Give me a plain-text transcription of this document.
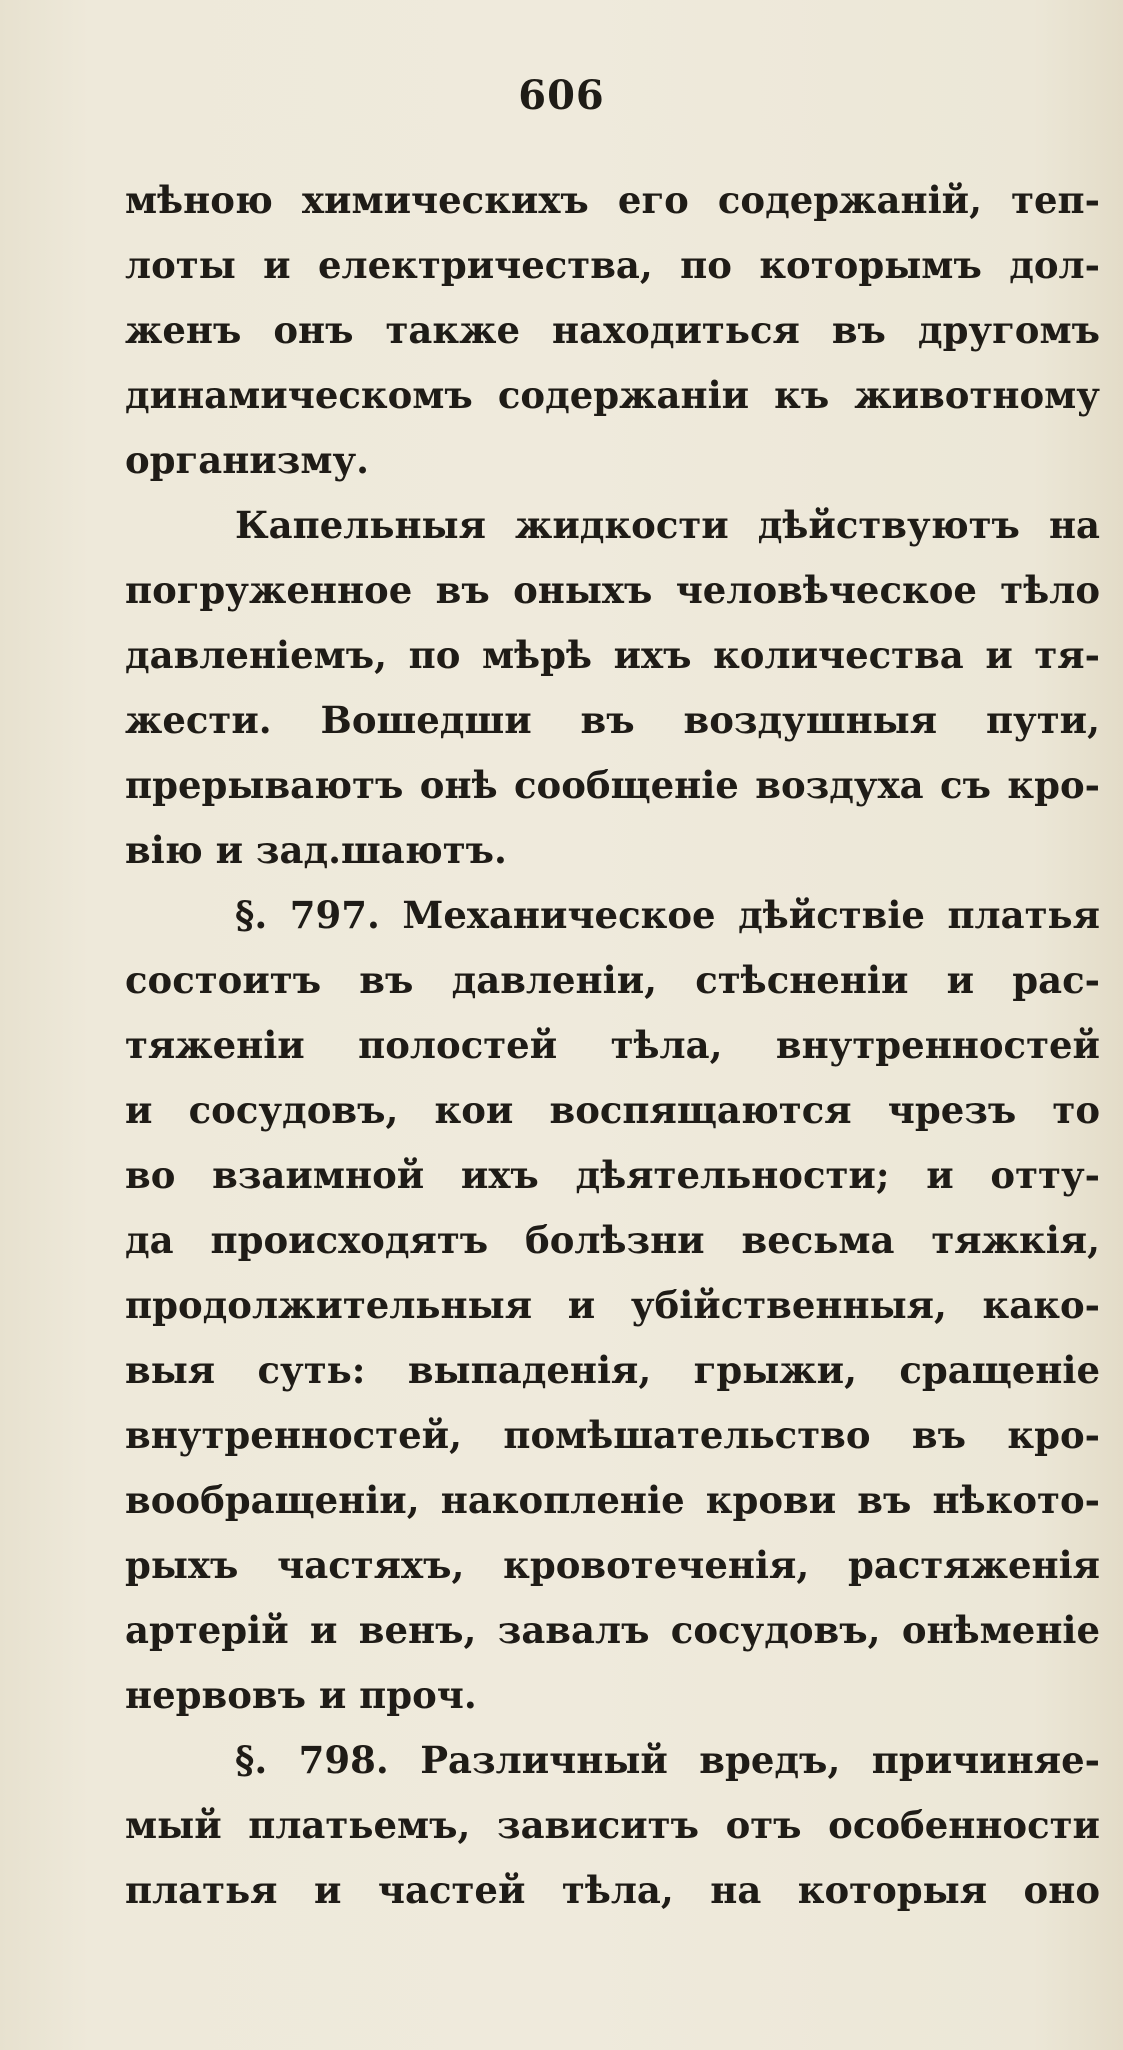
606
мѣною химическихъ его содержаній, теп-
лоты и електричества, по которымъ дол-
женъ онъ также находиться въ другомъ
динамическомъ содержаніи къ животному
организму.
Капельныя жидкости дѣйствуютъ на
погруженное въ оныхъ человѣческое тѣло
давленіемъ, по мѣрѣ ихъ количества и тя-
жести. Вошедши въ воздушныя пути,
прерываютъ онѣ сообщеніе воздуха съ кро-
вію и зад.шаютъ.
§. 797. Механическое дѣйствіе платья
состоитъ въ давленіи, стѣсненіи и рас-
тяженіи полостей тѣла, внутренностей
и сосудовъ, кои воспящаются чрезъ то
во взаимной ихъ дѣятельности; и отту-
да происходятъ болѣзни весьма тяжкія,
продолжительныя и убійственныя, како-
выя суть: выпаденія, грыжи, сращеніе
внутренностей, помѣшательство въ кро-
вообращеніи, накопленіе крови въ нѣкото-
рыхъ частяхъ, кровотеченія, растяженія
артерій и венъ, завалъ сосудовъ, онѣменіе
нервовъ и проч.
§. 798. Различный вредъ, причиняе-
мый платьемъ, зависитъ отъ особенности
платья и частей тѣла, на которыя оно
